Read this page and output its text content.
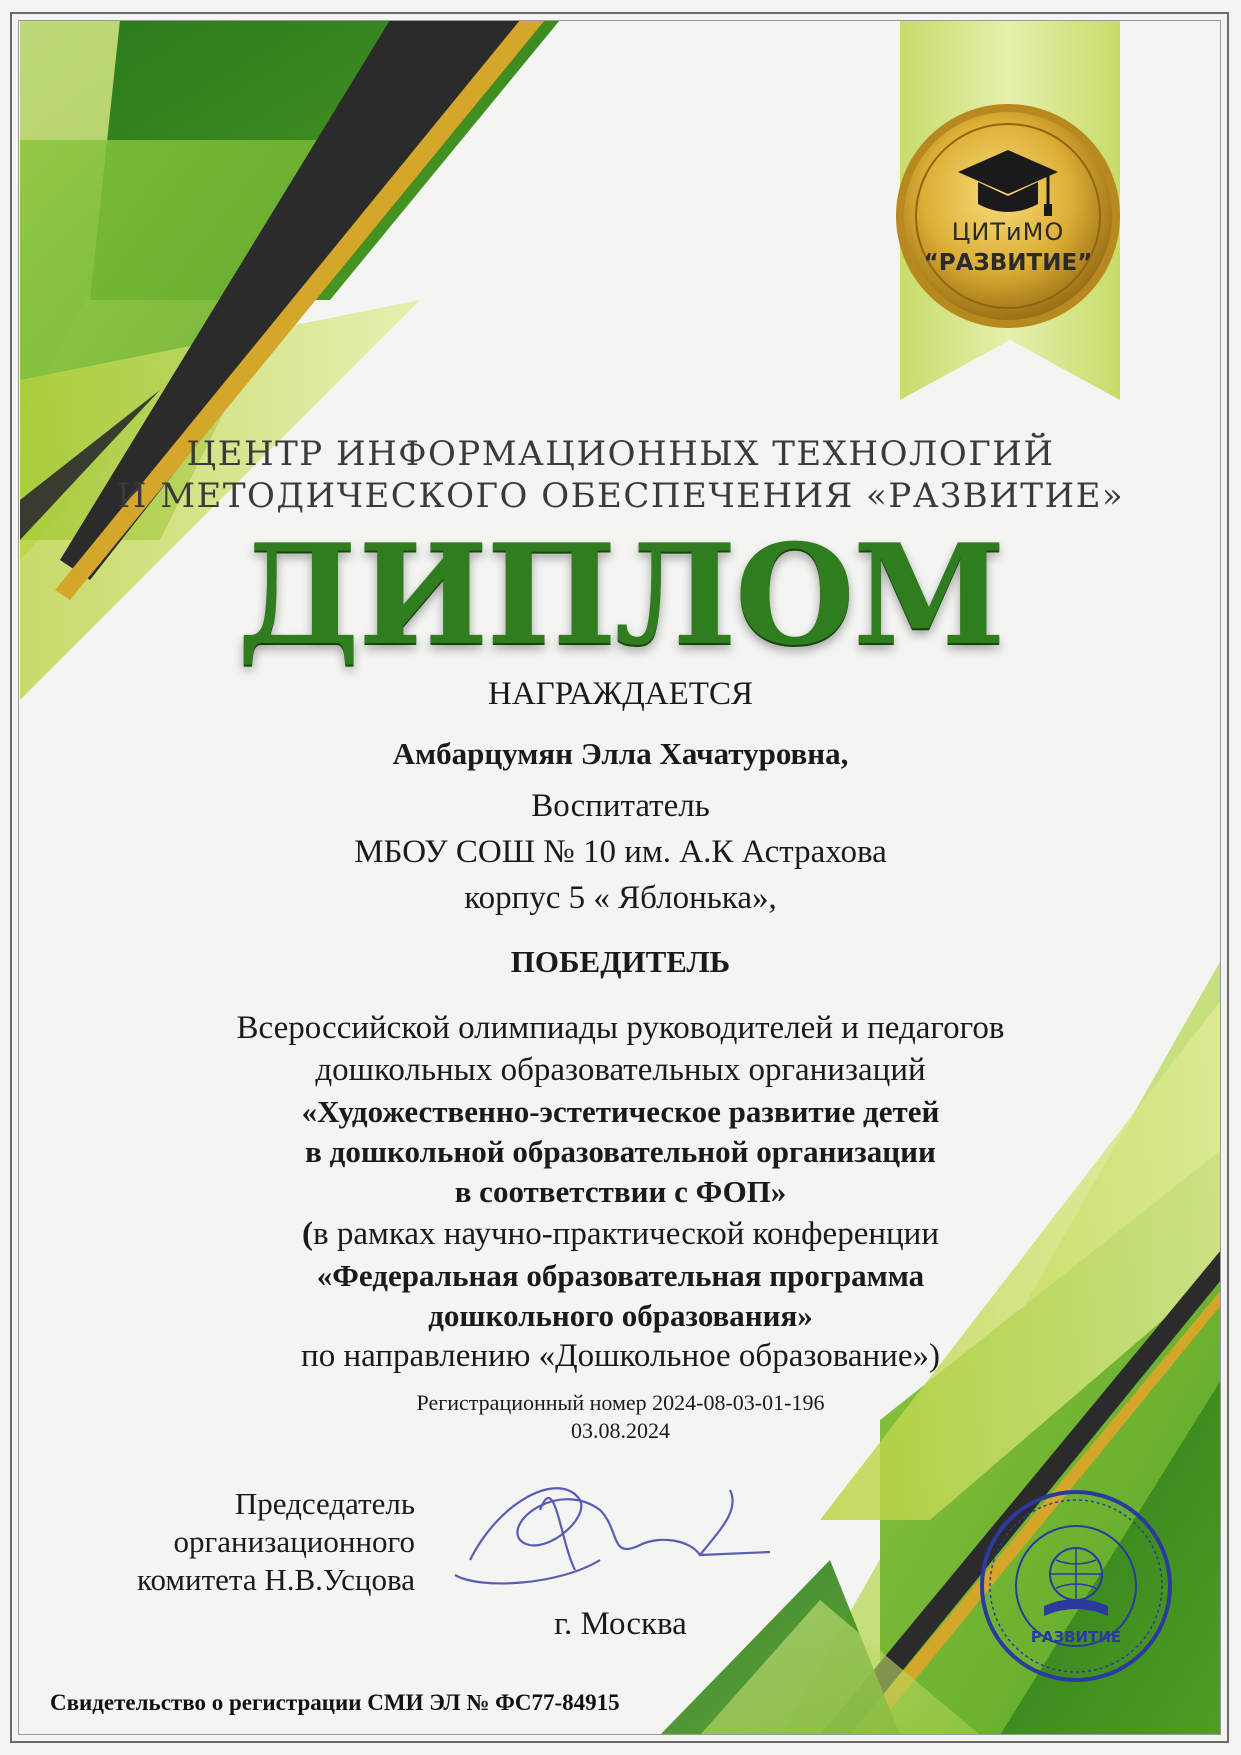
ЦИТиМО
“РАЗВИТИЕ”
ЦЕНТР ИНФОРМАЦИОННЫХ ТЕХНОЛОГИЙ
И МЕТОДИЧЕСКОГО ОБЕСПЕЧЕНИЯ «РАЗВИТИЕ»
ДИПЛОМ
НАГРАЖДАЕТСЯ
Амбарцумян Элла Хачатуровна,
Воспитатель
МБОУ СОШ № 10 им. А.К Астрахова
корпус 5 « Яблонька»,
ПОБЕДИТЕЛЬ
Всероссийской олимпиады руководителей и педагогов
дошкольных образовательных организаций
«Художественно-эстетическое развитие детей
в дошкольной образовательной организации
в соответствии с ФОП»
(в рамках научно-практической конференции
«Федеральная образовательная программа
дошкольного образования»
по направлению «Дошкольное образование»)
Регистрационный номер 2024-08-03-01-196
03.08.2024
Председатель
организационного
комитета Н.В.Усцова
РАЗВИТИЕ
г. Москва
Свидетельство о регистрации СМИ ЭЛ № ФС77-84915
